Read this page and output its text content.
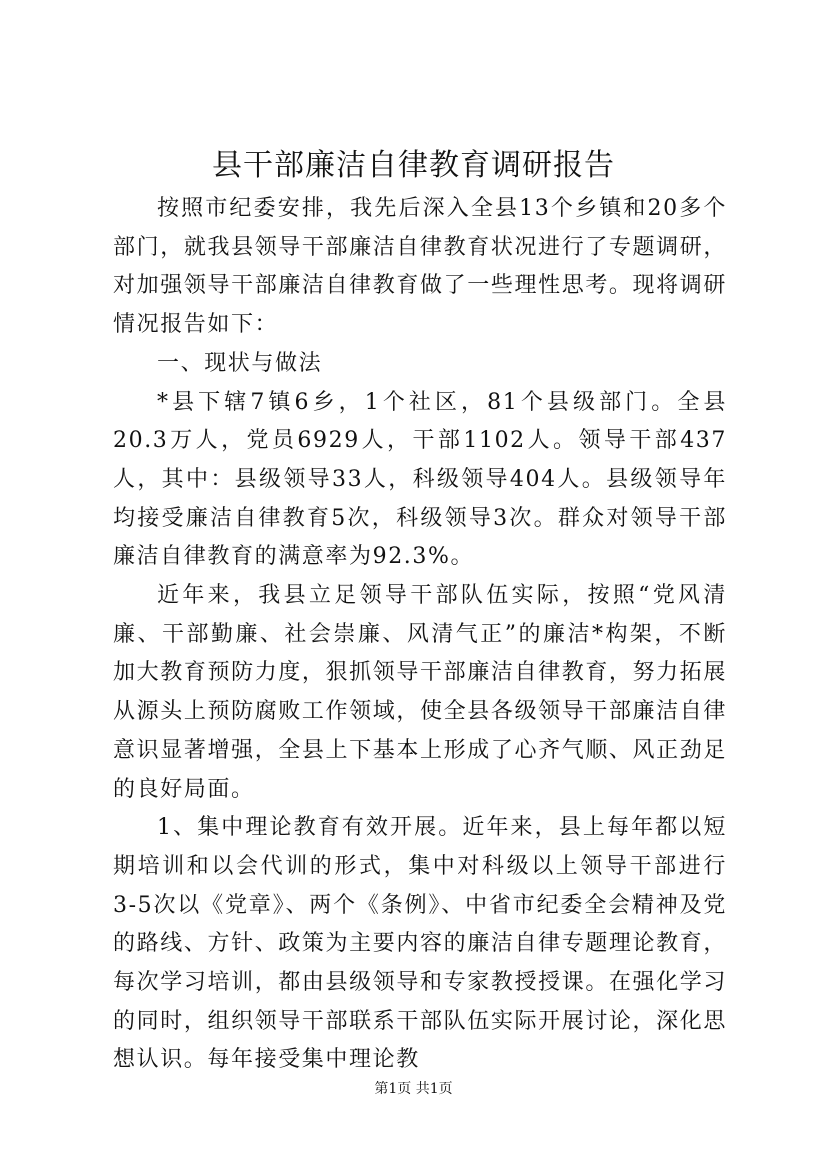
县干部廉洁自律教育调研报告

按照市纪委安排，我先后深入全县13个乡镇和20多个部门，就我县领导干部廉洁自律教育状况进行了专题调研，对加强领导干部廉洁自律教育做了一些理性思考。现将调研情况报告如下：

一、现状与做法

*县下辖7镇6乡，1个社区，81个县级部门。全县20.3万人，党员6929人，干部1102人。领导干部437人，其中：县级领导33人，科级领导404人。县级领导年均接受廉洁自律教育5次，科级领导3次。群众对领导干部廉洁自律教育的满意率为92.3%。

近年来，我县立足领导干部队伍实际，按照“党风清廉、干部勤廉、社会崇廉、风清气正”的廉洁*构架，不断加大教育预防力度，狠抓领导干部廉洁自律教育，努力拓展从源头上预防腐败工作领域，使全县各级领导干部廉洁自律意识显著增强，全县上下基本上形成了心齐气顺、风正劲足的良好局面。

1、集中理论教育有效开展。近年来，县上每年都以短期培训和以会代训的形式，集中对科级以上领导干部进行3-5次以《党章》、两个《条例》、中省市纪委全会精神及党的路线、方针、政策为主要内容的廉洁自律专题理论教育，每次学习培训，都由县级领导和专家教授授课。在强化学习的同时，组织领导干部联系干部队伍实际开展讨论，深化思想认识。每年接受集中理论教

第1页 共1页
